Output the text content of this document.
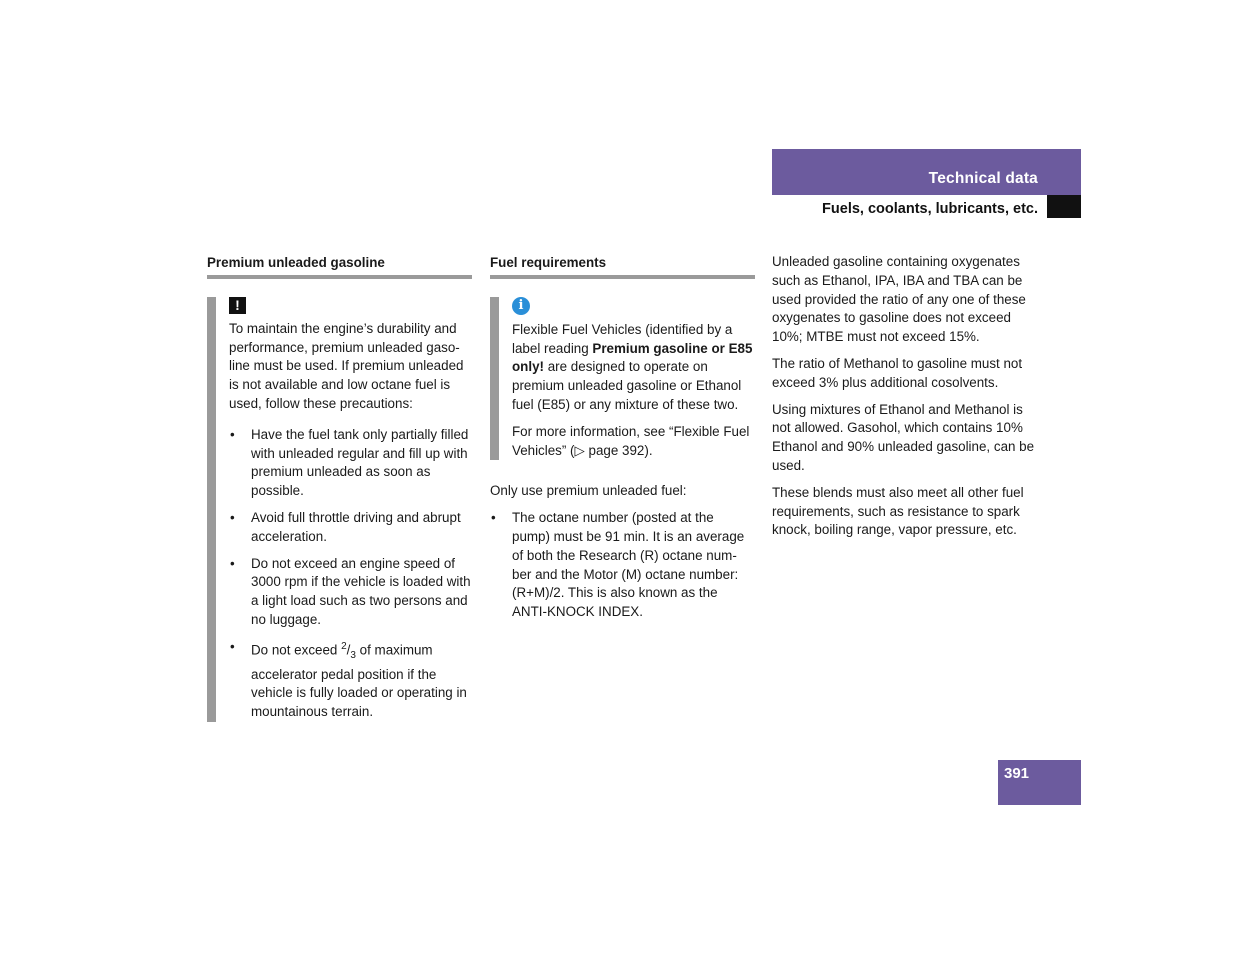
Technical data
Fuels, coolants, lubricants, etc.
Premium unleaded gasoline
!

To maintain the engine’s durability and performance, premium unleaded gaso-line must be used. If premium unleaded is not available and low octane fuel is used, follow these precautions:

• Have the fuel tank only partially filled with unleaded regular and fill up with premium unleaded as soon as possible.
• Avoid full throttle driving and abrupt acceleration.
• Do not exceed an engine speed of 3000 rpm if the vehicle is loaded with a light load such as two persons and no luggage.
• Do not exceed $^2/_3$ of maximum accelerator pedal position if the vehicle is fully loaded or operating in mountainous terrain.
Fuel requirements
i

Flexible Fuel Vehicles (identified by a label reading Premium gasoline or E85 only! are designed to operate on premium unleaded gasoline or Ethanol fuel (E85) or any mixture of these two.

For more information, see “Flexible Fuel Vehicles” (▷ page 392).

Only use premium unleaded fuel:

• The octane number (posted at the pump) must be 91 min. It is an average of both the Research (R) octane num-ber and the Motor (M) octane number: (R+M)/2. This is also known as the ANTI-KNOCK INDEX.

Unleaded gasoline containing oxygenates such as Ethanol, IPA, IBA and TBA can be used provided the ratio of any one of these oxygenates to gasoline does not exceed 10%; MTBE must not exceed 15%.

The ratio of Methanol to gasoline must not exceed 3% plus additional cosolvents.

Using mixtures of Ethanol and Methanol is not allowed. Gasohol, which contains 10% Ethanol and 90% unleaded gasoline, can be used.

These blends must also meet all other fuel requirements, such as resistance to spark knock, boiling range, vapor pressure, etc.

391
